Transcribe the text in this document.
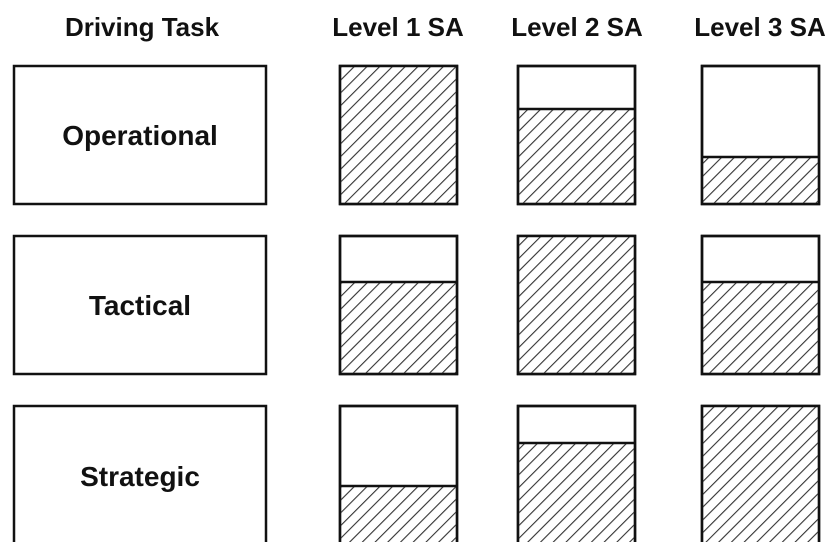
Driving Task	Level 1 SA Level 2 SA Level 3 SA
Operational
Tactical
Strategic
